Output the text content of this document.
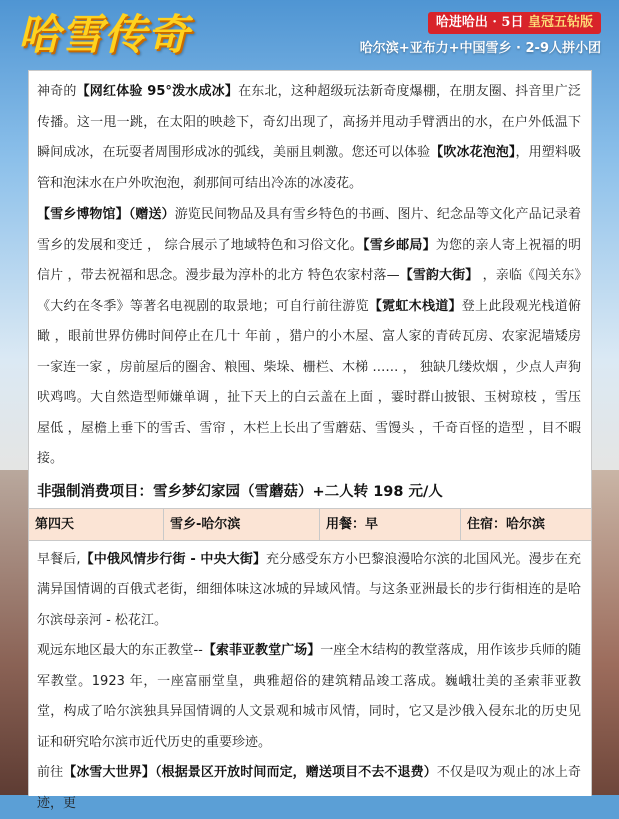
哈雪传奇	哈进哈出 · 5日 皇冠五钻版
哈尔滨+亚布力+中国雪乡 · 2-9人拼小团

神奇的【网红体验 95°泼水成冰】在东北，这种超级玩法新奇度爆棚，在朋友圈、抖音里广泛传播。这一甩一跳，在太阳的映趁下，奇幻出现了，高扬并甩动手臂洒出的水，在户外低温下瞬间成冰，在玩耍者周围形成冰的弧线，美丽且刺激。您还可以体验【吹冰花泡泡】，用塑料吸管和泡沫水在户外吹泡泡，刹那间可结出冷冻的冰凌花。

【雪乡博物馆】（赠送）游览民间物品及具有雪乡特色的书画、图片、纪念品等文化产品记录着雪乡的发展和变迁 ， 综合展示了地域特色和习俗文化。【雪乡邮局】为您的亲人寄上祝福的明信片 ，带去祝福和思念。漫步最为淳朴的北方 特色农家村落—【雪韵大街】 ，亲临《闯关东》《大约在冬季》等著名电视剧的取景地；可自行前往游览【霓虹木栈道】登上此段观光栈道俯瞰 ，眼前世界仿佛时间停止在几十 年前 ，猎户的小木屋、富人家的青砖瓦房、农家泥墙矮房一家连一家 ，房前屋后的圈舍、粮囤、柴垛、栅栏、木梯 …… ， 独缺几缕炊烟 ，少点人声狗吠鸡鸣。大自然造型师嫌单调 ，扯下天上的白云盖在上面 ，霎时群山披银、玉树琼枝 ，雪压屋低 ，屋檐上垂下的雪舌、雪帘 ，木栏上长出了雪蘑菇、雪馒头 ，千奇百怪的造型 ，目不暇接。

非强制消费项目：雪乡梦幻家园（雪蘑菇）+二人转 198 元/人
第四天	雪乡-哈尔滨	用餐：早	住宿：哈尔滨

早餐后,【中俄风情步行街 - 中央大街】充分感受东方小巴黎浪漫哈尔滨的北国风光。漫步在充满异国情调的百俄式老街，细细体味这冰城的异域风情。与这条亚洲最长的步行街相连的是哈尔滨母亲河 - 松花江。

观远东地区最大的东正教堂--【索菲亚教堂广场】一座全木结构的教堂落成，用作该步兵师的随军教堂。1923 年，一座富丽堂皇，典雅超俗的建筑精品竣工落成。巍峨壮美的圣索菲亚教堂，构成了哈尔滨独具异国情调的人文景观和城市风情，同时，它又是沙俄入侵东北的历史见证和研究哈尔滨市近代历史的重要珍迹。

前往【冰雪大世界】（根据景区开放时间而定，赠送项目不去不退费）不仅是叹为观止的冰上奇迹，更
